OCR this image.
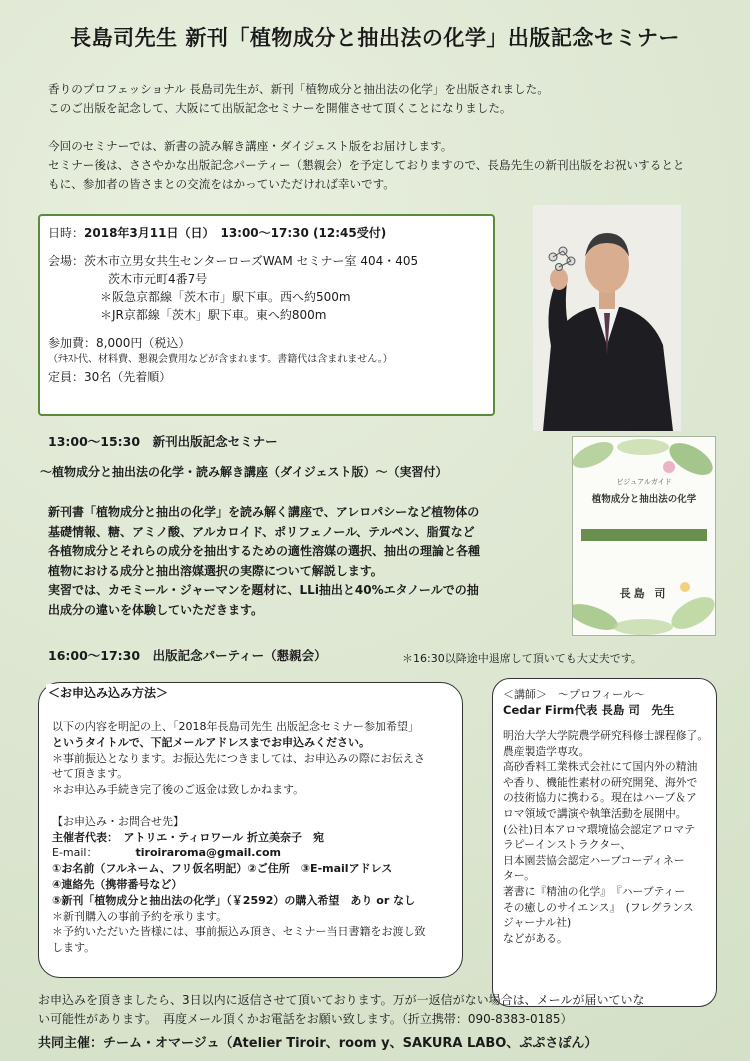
長島司先生 新刊「植物成分と抽出法の化学」出版記念セミナー

香りのプロフェッショナル 長島司先生が、新刊「植物成分と抽出法の化学」を出版されました。

このご出版を記念して、大阪にて出版記念セミナーを開催させて頂くことになりました。

今回のセミナーでは、新書の読み解き講座・ダイジェスト版をお届けします。

セミナー後は、ささやかな出版記念パーティー（懇親会）を予定しておりますので、長島先生の新刊出版をお祝いするとと

もに、参加者の皆さまとの交流をはかっていただければ幸いです。

日時：2018年3月11日（日）　13:00～17:30 (12:45受付)

会場：茨木市立男女共生センターローズWAM セミナー室 404・405

茨木市元町4番7号

＊阪急京都線「茨木市」駅下車。西へ約500m

＊JR京都線「茨木」駅下車。東へ約800m

参加費：8,000円（税込）

（ﾃｷｽﾄ代、材料費、懇親会費用などが含まれます。書籍代は含まれません。）

定員：30名（先着順）

ビジュアルガイド
植物成分と抽出法の化学
長島 司
13:00～15:30　新刊出版記念セミナー
～植物成分と抽出法の化学・読み解き講座（ダイジェスト版）～（実習付）

新刊書「植物成分と抽出の化学」を読み解く講座で、アレロパシーなど植物体の

基礎情報、糖、アミノ酸、アルカロイド、ポリフェノール、テルペン、脂質など

各植物成分とそれらの成分を抽出するための適性溶媒の選択、抽出の理論と各種

植物における成分と抽出溶媒選択の実際について解説します。

実習では、カモミール・ジャーマンを題材に、LLi抽出と40%エタノールでの抽

出成分の違いを体験していただきます。

16:00～17:30　出版記念パーティー（懇親会）	＊16:30以降途中退席して頂いても大丈夫です。
＜お申込み込み方法＞

以下の内容を明記の上、「2018年長島司先生 出版記念セミナー参加希望」

というタイトルで、下記メールアドレスまでお申込みください。

＊事前振込となります。お振込先につきましては、お申込みの際にお伝えさ

せて頂きます。

＊お申込み手続き完了後のご返金は致しかねます。

【お申込み・お問合せ先】

主催者代表：　アトリエ・ティロワール 折立美奈子　宛

E-mail：	tiroiraroma@gmail.com

①お名前（フルネーム、フリ仮名明記）②ご住所　③E-mailアドレス

④連絡先（携帯番号など）

⑤新刊「植物成分と抽出法の化学」（￥2592）の購入希望　あり or なし

＊新刊購入の事前予約を承ります。

＊予約いただいた皆様には、事前振込み頂き、セミナー当日書籍をお渡し致

します。

＜講師＞　～プロフィール～
Cedar Firm代表 長島 司　先生

明治大学大学院農学研究科修士課程修了。

農産製造学専攻。

高砂香料工業株式会社にて国内外の精油

や香り、機能性素材の研究開発、海外で

の技術協力に携わる。現在はハーブ＆ア

ロマ領域で講演や執筆活動を展開中。

(公社)日本アロマ環境協会認定アロマテ

ラピーインストラクター、

日本園芸協会認定ハーブコーディネー

ター。

著書に『精油の化学』　『ハーブティー

その癒しのサイエンス』　(フレグランス

ジャーナル社)

などがある。

お申込みを頂きましたら、3日以内に返信させて頂いております。万が一返信がない場合は、メールが届いていな

い可能性があります。　再度メール頂くかお電話をお願い致します。（折立携帯：090-8383-0185）

共同主催：チーム・オマージュ（Atelier Tiroir、room y、SAKURA LABO、ぷぷさぽん）
